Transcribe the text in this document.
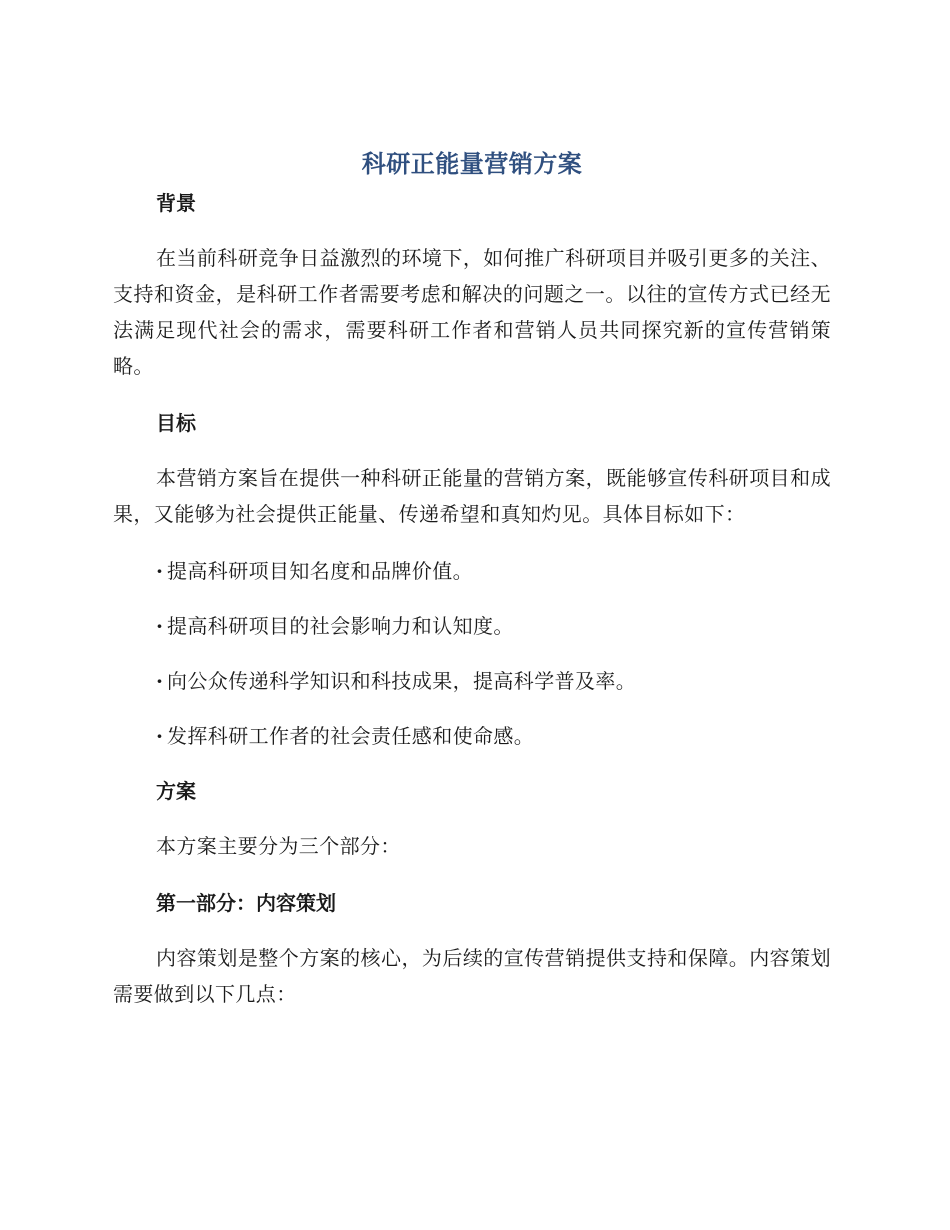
科研正能量营销方案
背景

在当前科研竞争日益激烈的环境下，如何推广科研项目并吸引更多的关注、支持和资金，是科研工作者需要考虑和解决的问题之一。以往的宣传方式已经无法满足现代社会的需求，需要科研工作者和营销人员共同探究新的宣传营销策略。

目标

本营销方案旨在提供一种科研正能量的营销方案，既能够宣传科研项目和成果，又能够为社会提供正能量、传递希望和真知灼见。具体目标如下：

· 提高科研项目知名度和品牌价值。
· 提高科研项目的社会影响力和认知度。
· 向公众传递科学知识和科技成果，提高科学普及率。
· 发挥科研工作者的社会责任感和使命感。
方案

本方案主要分为三个部分：

第一部分：内容策划

内容策划是整个方案的核心，为后续的宣传营销提供支持和保障。内容策划需要做到以下几点：
